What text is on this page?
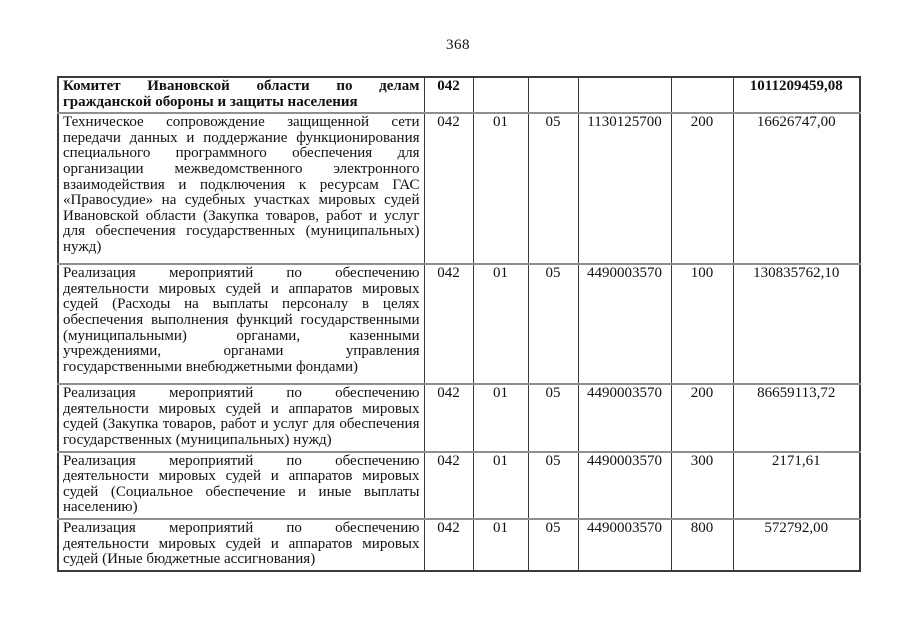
368
Комитет Ивановской области по делам гражданской обороны и защиты населения	042					1011209459,08
Техническое сопровождение защищенной сети передачи данных и поддержание функционирования специального программного обеспечения для организации межведомственного электронного взаимодействия и подключения к ресурсам ГАС «Правосудие» на судебных участках мировых судей Ивановской области (Закупка товаров, работ и услуг для обеспечения государственных (муниципальных) нужд)	042	01	05	1130125700	200	16626747,00
Реализация мероприятий по обеспечению деятельности мировых судей и аппаратов мировых судей (Расходы на выплаты персоналу в целях обеспечения выполнения функций государственными (муниципальными) органами, казенными учреждениями, органами управления государственными внебюджетными фондами)	042	01	05	4490003570	100	130835762,10
Реализация мероприятий по обеспечению деятельности мировых судей и аппаратов мировых судей (Закупка товаров, работ и услуг для обеспечения государственных (муниципальных) нужд)	042	01	05	4490003570	200	86659113,72
Реализация мероприятий по обеспечению деятельности мировых судей и аппаратов мировых судей (Социальное обеспечение и иные выплаты населению)	042	01	05	4490003570	300	2171,61
Реализация мероприятий по обеспечению деятельности мировых судей и аппаратов мировых судей (Иные бюджетные ассигнования)	042	01	05	4490003570	800	572792,00
